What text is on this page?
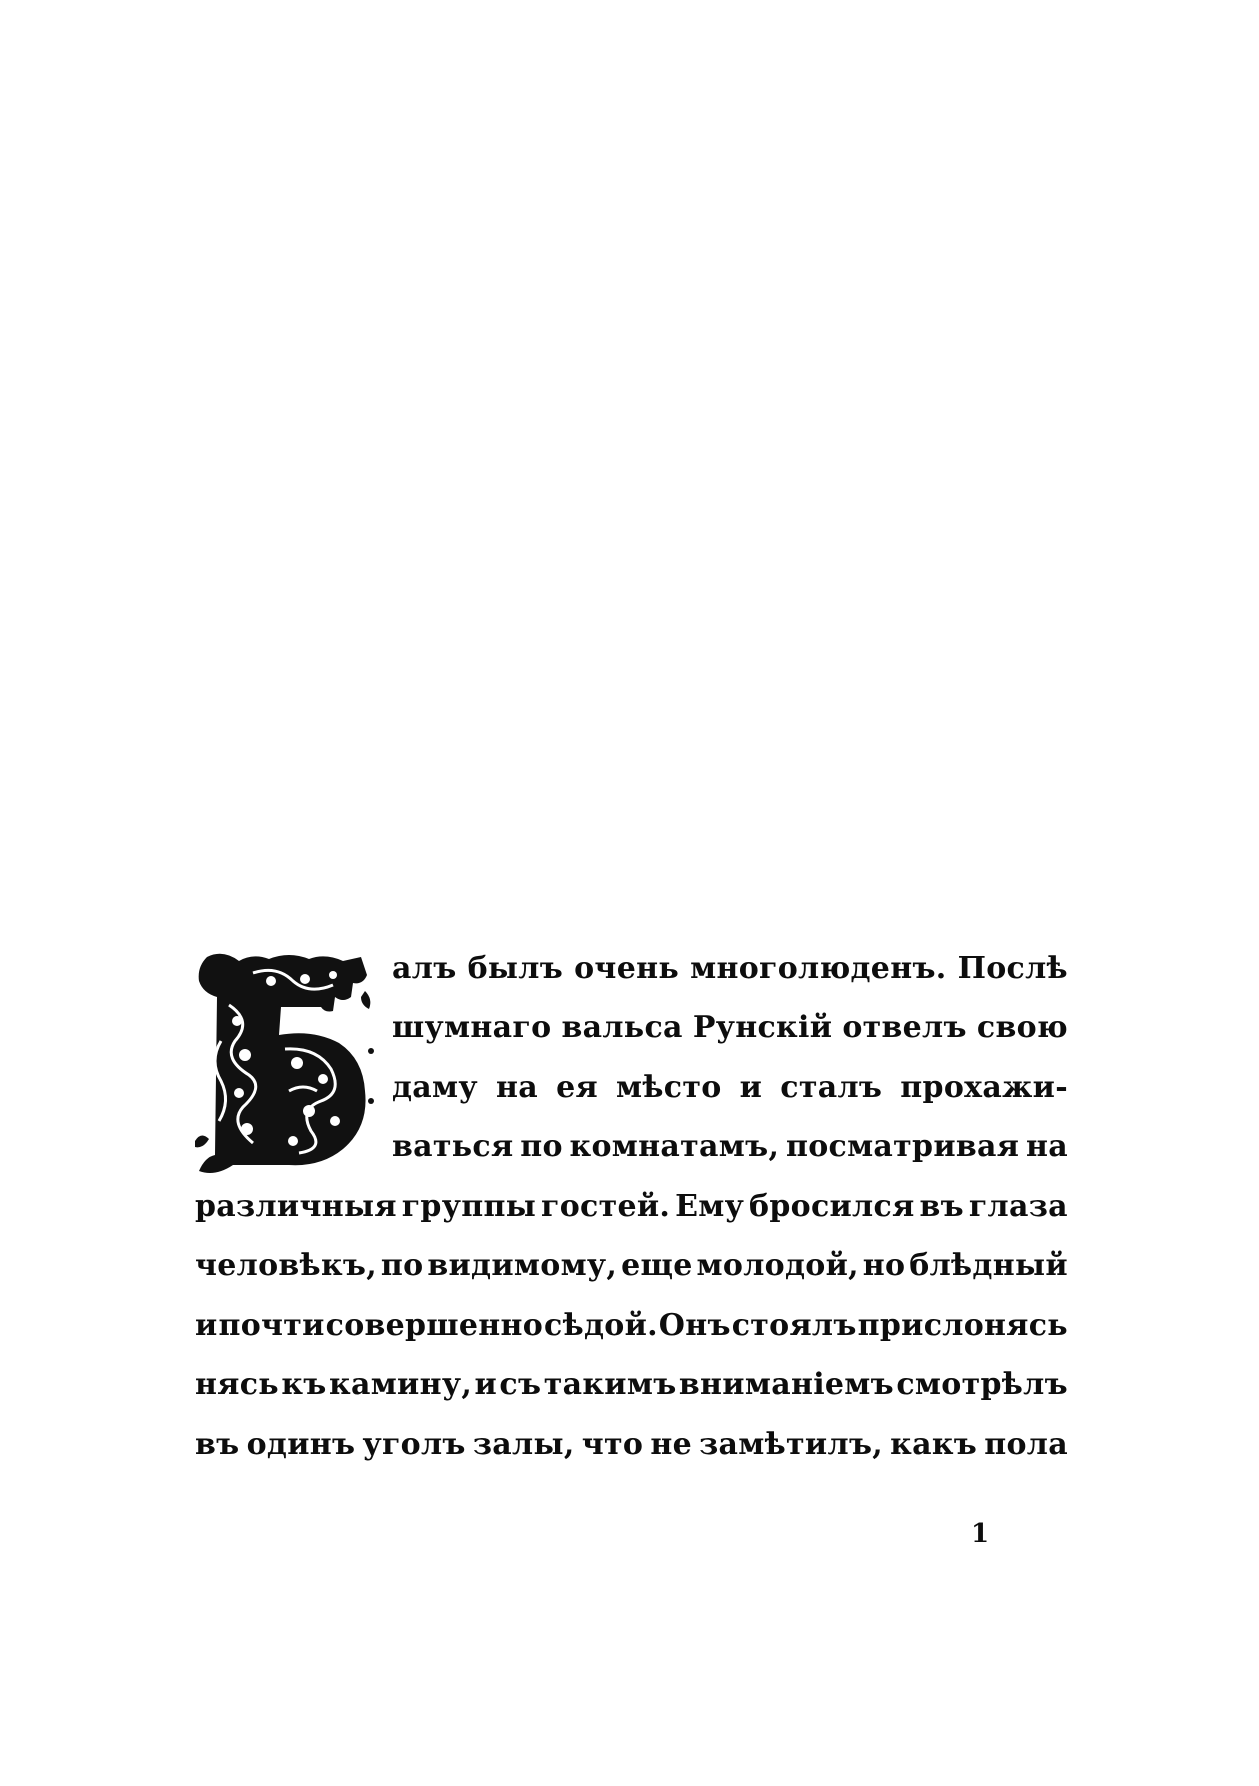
алъ былъ очень многолюденъ. Послѣ
шумнаго вальса Рунскій отвелъ свою
даму на ея мѣсто и сталъ прохажи-
ваться по комнатамъ, посматривая на
различныя группы гостей. Ему бросился въ глаза
человѣкъ, по видимому, еще молодой, но блѣдный
и почти совершенно сѣдой. Онъ стоялъ прислонясь
нясь къ камину, и съ такимъ вниманіемъ смотрѣлъ
въ одинъ уголъ залы, что не замѣтилъ, какъ пола
1
